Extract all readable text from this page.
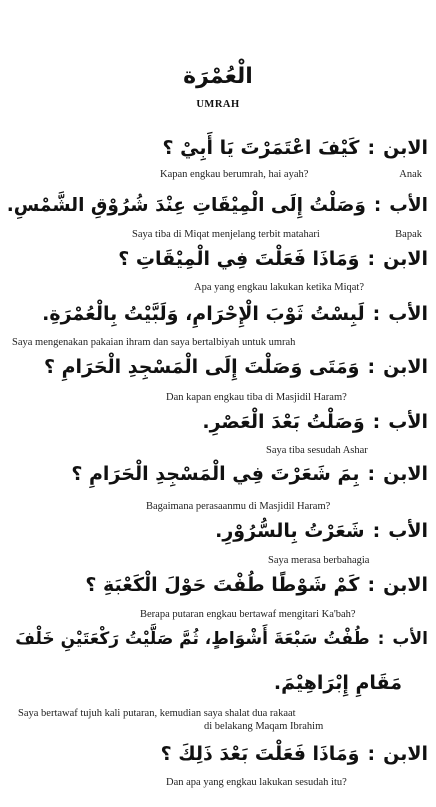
الْعُمْرَة
UMRAH
الابن:كَيْفَ اعْتَمَرْتَ يَا أَبِيْ ؟
Kapan engkau berumrah, hai ayah?	Anak
الأب:وَصَلْتُ إِلَى الْمِيْقَاتِ عِنْدَ شُرُوْقِ الشَّمْسِ.
Saya tiba di Miqat menjelang terbit matahari	Bapak
الابن:وَمَاذَا فَعَلْتَ فِي الْمِيْقَاتِ ؟
Apa yang engkau lakukan ketika Miqat?
الأب:لَبِسْتُ ثَوْبَ الْإِحْرَامِ، وَلَبَّيْتُ بِالْعُمْرَةِ.
Saya mengenakan pakaian ihram dan saya bertalbiyah untuk umrah
الابن:وَمَتَى وَصَلْتَ إِلَى الْمَسْجِدِ الْحَرَامِ ؟
Dan kapan engkau tiba di Masjidil Haram?
الأب:وَصَلْتُ بَعْدَ الْعَصْرِ.
Saya tiba sesudah Ashar
الابن:بِمَ شَعَرْتَ فِي الْمَسْجِدِ الْحَرَامِ ؟
Bagaimana perasaanmu di Masjidil Haram?
الأب:شَعَرْتُ بِالسُّرُوْرِ.
Saya merasa berbahagia
الابن:كَمْ شَوْطًا طُفْتَ حَوْلَ الْكَعْبَةِ ؟
Berapa putaran engkau bertawaf mengitari Ka'bah?
الأب:طُفْتُ سَبْعَةَ أَشْوَاطٍ، ثُمَّ صَلَّيْتُ رَكْعَتَيْنِ خَلْفَ
مَقَامِ إِبْرَاهِيْمَ.
Saya bertawaf tujuh kali putaran, kemudian saya shalat dua rakaat
di belakang Maqam Ibrahim
الابن:وَمَاذَا فَعَلْتَ بَعْدَ ذَلِكَ ؟
Dan apa yang engkau lakukan sesudah itu?
